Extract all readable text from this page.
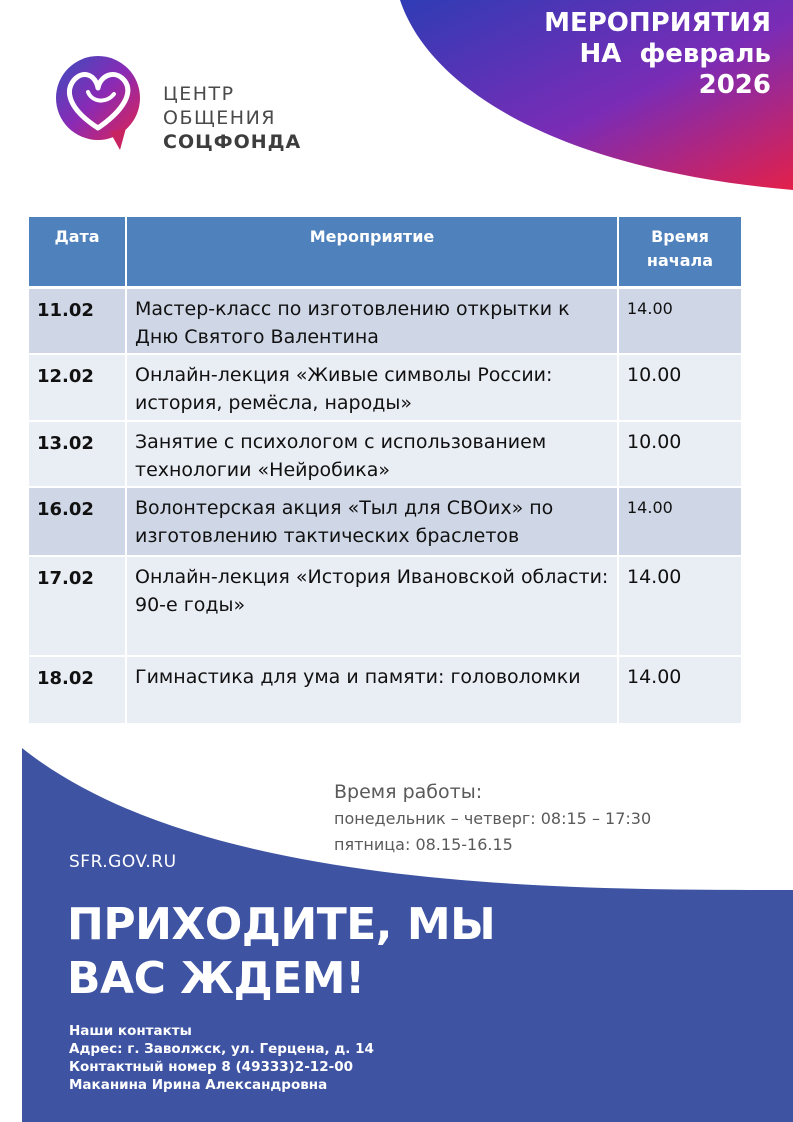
МЕРОПРИЯТИЯ
НА  февраль
2026
ЦЕНТР
ОБЩЕНИЯ
СОЦФОНДА
Дата	Мероприятие	Время начала
11.02	Мастер-класс по изготовлению открытки к Дню Святого Валентина	14.00
12.02	Онлайн-лекция «Живые символы России: история, ремёсла, народы»	10.00
13.02	Занятие с психологом с использованием технологии «Нейробика»	10.00
16.02	Волонтерская акция «Тыл для СВОих» по изготовлению тактических браслетов	14.00
17.02	Онлайн-лекция «История Ивановской области: 90-е годы»	14.00
18.02	Гимнастика для ума и памяти: головоломки	14.00
Время работы:
понедельник – четверг: 08:15 – 17:30
пятница: 08.15-16.15
SFR.GOV.RU
ПРИХОДИТЕ, МЫ
ВАС ЖДЕМ!
Наши контакты
Адрес: г. Заволжск, ул. Герцена, д. 14
Контактный номер 8 (49333)2-12-00
Маканина Ирина Александровна
